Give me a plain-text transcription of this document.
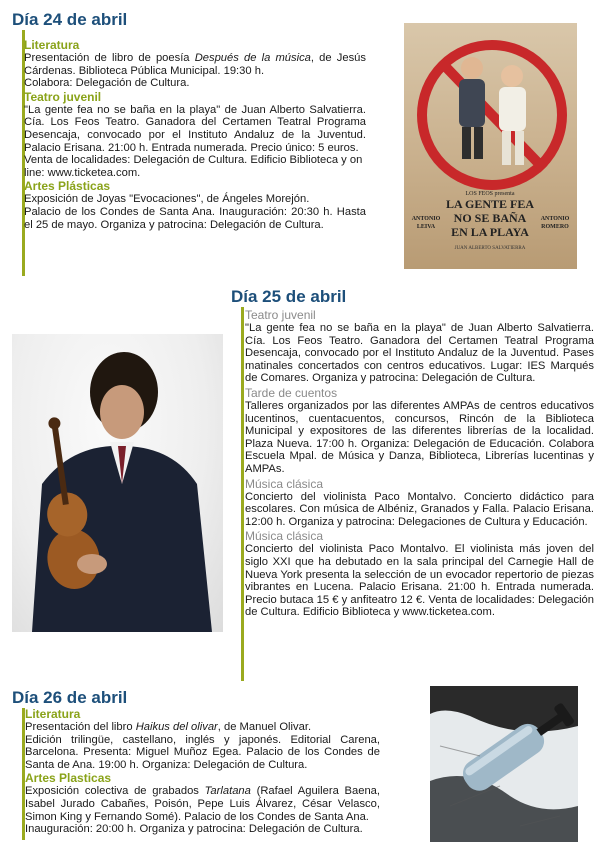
Día 24 de abril
Literatura
Presentación de libro de poesía Después de la música, de Jesús Cárdenas. Biblioteca Pública Municipal. 19:30 h.
Colabora: Delegación de Cultura.
Teatro juvenil
"La gente fea no se baña en la playa" de Juan Alberto Salvatierra. Cía. Los Feos Teatro. Ganadora del Certamen Teatral Programa Desencaja, convocado por el Instituto Andaluz de la Juventud. Palacio Erisana. 21:00 h. Entrada numerada. Precio único: 5 euros.
Venta de localidades: Delegación de Cultura. Edificio Biblioteca y on line: www.ticketea.com.
Artes Plásticas
Exposición de Joyas "Evocaciones", de Ángeles Morejón.
Palacio de los Condes de Santa Ana. Inauguración: 20:30 h. Hasta el 25 de mayo. Organiza y patrocina: Delegación de Cultura.
LOS FEOS presenta
LA GENTE FEA
NO SE BAÑA
EN LA PLAYA
ANTONIO
LEIVA
ANTONIO
ROMERO
JUAN ALBERTO SALVATIERRA
Día 25 de abril
Teatro juvenil
"La gente fea no se baña en la playa" de Juan Alberto Salvatierra. Cía. Los Feos Teatro. Ganadora del Certamen Teatral Programa Desencaja, convocado por el Instituto Andaluz de la Juventud. Pases matinales concertados con centros educativos. Lugar: IES Marqués de Comares. Organiza y patrocina: Delegación de Cultura.
Tarde de cuentos
Talleres organizados por las diferentes AMPAs de centros educativos lucentinos, cuentacuentos, concursos, Rincón de la Biblioteca Municipal y expositores de las diferentes librerías de la localidad. Plaza Nueva. 17:00 h. Organiza: Delegación de Educación. Colabora Escuela Mpal. de Música y Danza, Biblioteca, Librerías lucentinas y AMPAs.
Música clásica
Concierto del violinista Paco Montalvo. Concierto didáctico para escolares. Con música de Albéniz, Granados y Falla. Palacio Erisana. 12:00 h. Organiza y patrocina: Delegaciones de Cultura y Educación.
Música clásica
Concierto del violinista Paco Montalvo. El violinista más joven del siglo XXI que ha debutado en la sala principal del Carnegie Hall de Nueva York presenta la selección de un evocador repertorio de piezas vibrantes en Lucena. Palacio Erisana. 21:00 h. Entrada numerada. Precio butaca 15 € y anfiteatro 12 €. Venta de localidades: Delegación de Cultura. Edificio Biblioteca y www.ticketea.com.
Día 26 de abril
Literatura
Presentación del libro Haikus del olivar, de Manuel Olivar.
Edición trilingüe, castellano, inglés y japonés. Editorial Carena, Barcelona. Presenta: Miguel Muñoz Egea. Palacio de los Condes de Santa de Ana. 19:00 h. Organiza: Delegación de Cultura.
Artes Plasticas
Exposición colectiva de grabados Tarlatana (Rafael Aguilera Baena, Isabel Jurado Cabañes, Poisón, Pepe Luis Álvarez, César Velasco, Simon King y Fernando Somé). Palacio de los Condes de Santa Ana.
Inauguración: 20:00 h. Organiza y patrocina: Delegación de Cultura.
